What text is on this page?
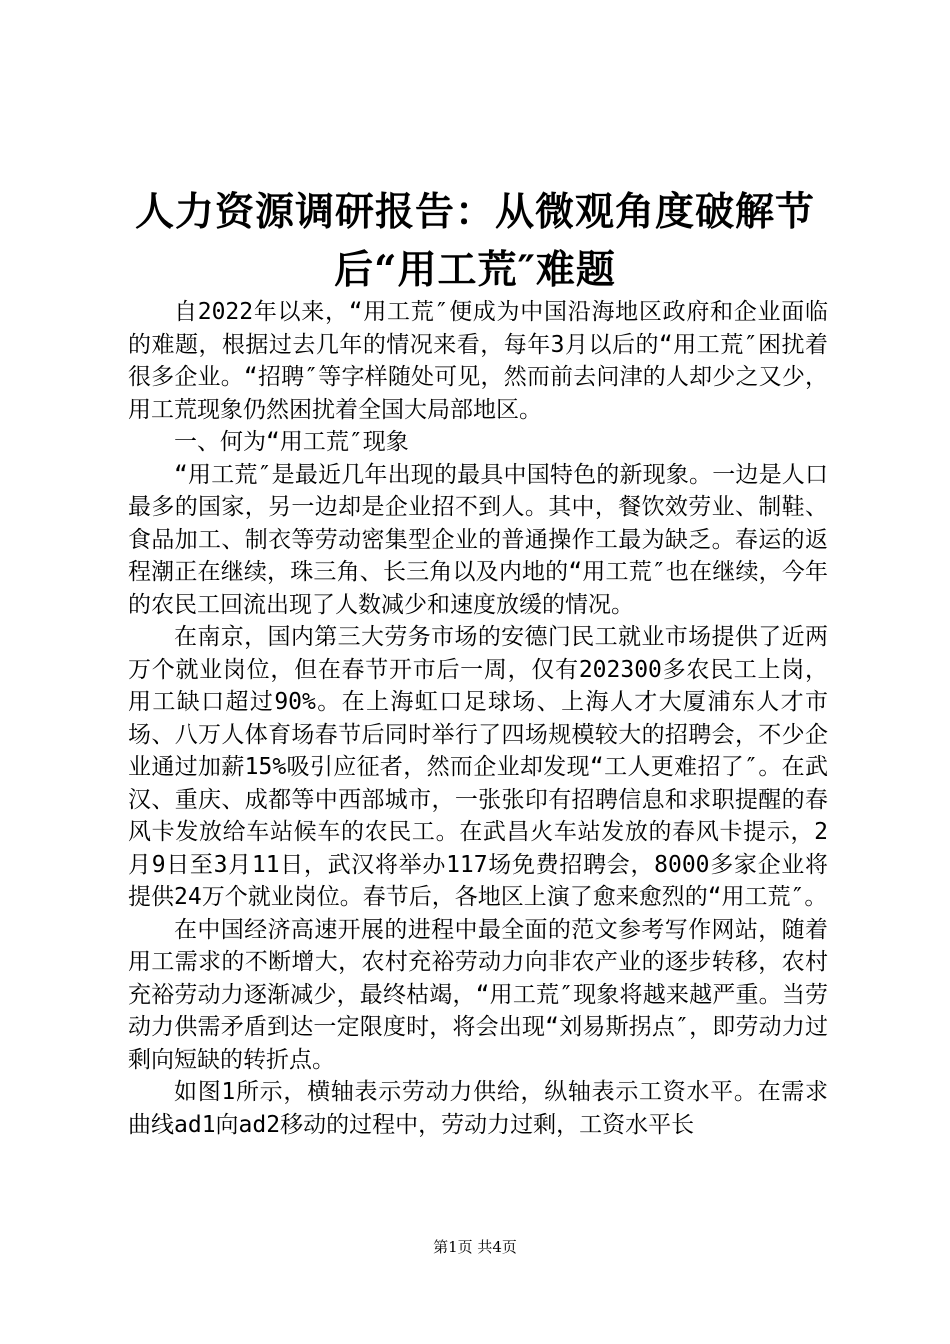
人力资源调研报告：从微观角度破解节后“用工荒″难题

自2022年以来，“用工荒″便成为中国沿海地区政府和企业面临的难题，根据过去几年的情况来看，每年3月以后的“用工荒″困扰着很多企业。“招聘″等字样随处可见，然而前去问津的人却少之又少，用工荒现象仍然困扰着全国大局部地区。

一、何为“用工荒″现象

“用工荒″是最近几年出现的最具中国特色的新现象。一边是人口最多的国家，另一边却是企业招不到人。其中，餐饮效劳业、制鞋、食品加工、制衣等劳动密集型企业的普通操作工最为缺乏。春运的返程潮正在继续，珠三角、长三角以及内地的“用工荒″也在继续，今年的农民工回流出现了人数减少和速度放缓的情况。

在南京，国内第三大劳务市场的安德门民工就业市场提供了近两万个就业岗位，但在春节开市后一周，仅有202300多农民工上岗，用工缺口超过90%。在上海虹口足球场、上海人才大厦浦东人才市场、八万人体育场春节后同时举行了四场规模较大的招聘会，不少企业通过加薪15%吸引应征者，然而企业却发现“工人更难招了″。在武汉、重庆、成都等中西部城市，一张张印有招聘信息和求职提醒的春风卡发放给车站候车的农民工。在武昌火车站发放的春风卡提示，2月9日至3月11日，武汉将举办117场免费招聘会，8000多家企业将提供24万个就业岗位。春节后，各地区上演了愈来愈烈的“用工荒″。

在中国经济高速开展的进程中最全面的范文参考写作网站，随着用工需求的不断增大，农村充裕劳动力向非农产业的逐步转移，农村充裕劳动力逐渐减少，最终枯竭，“用工荒″现象将越来越严重。当劳动力供需矛盾到达一定限度时，将会出现“刘易斯拐点″，即劳动力过剩向短缺的转折点。

如图1所示，横轴表示劳动力供给，纵轴表示工资水平。在需求曲线ad1向ad2移动的过程中，劳动力过剩，工资水平长

第1页 共4页
